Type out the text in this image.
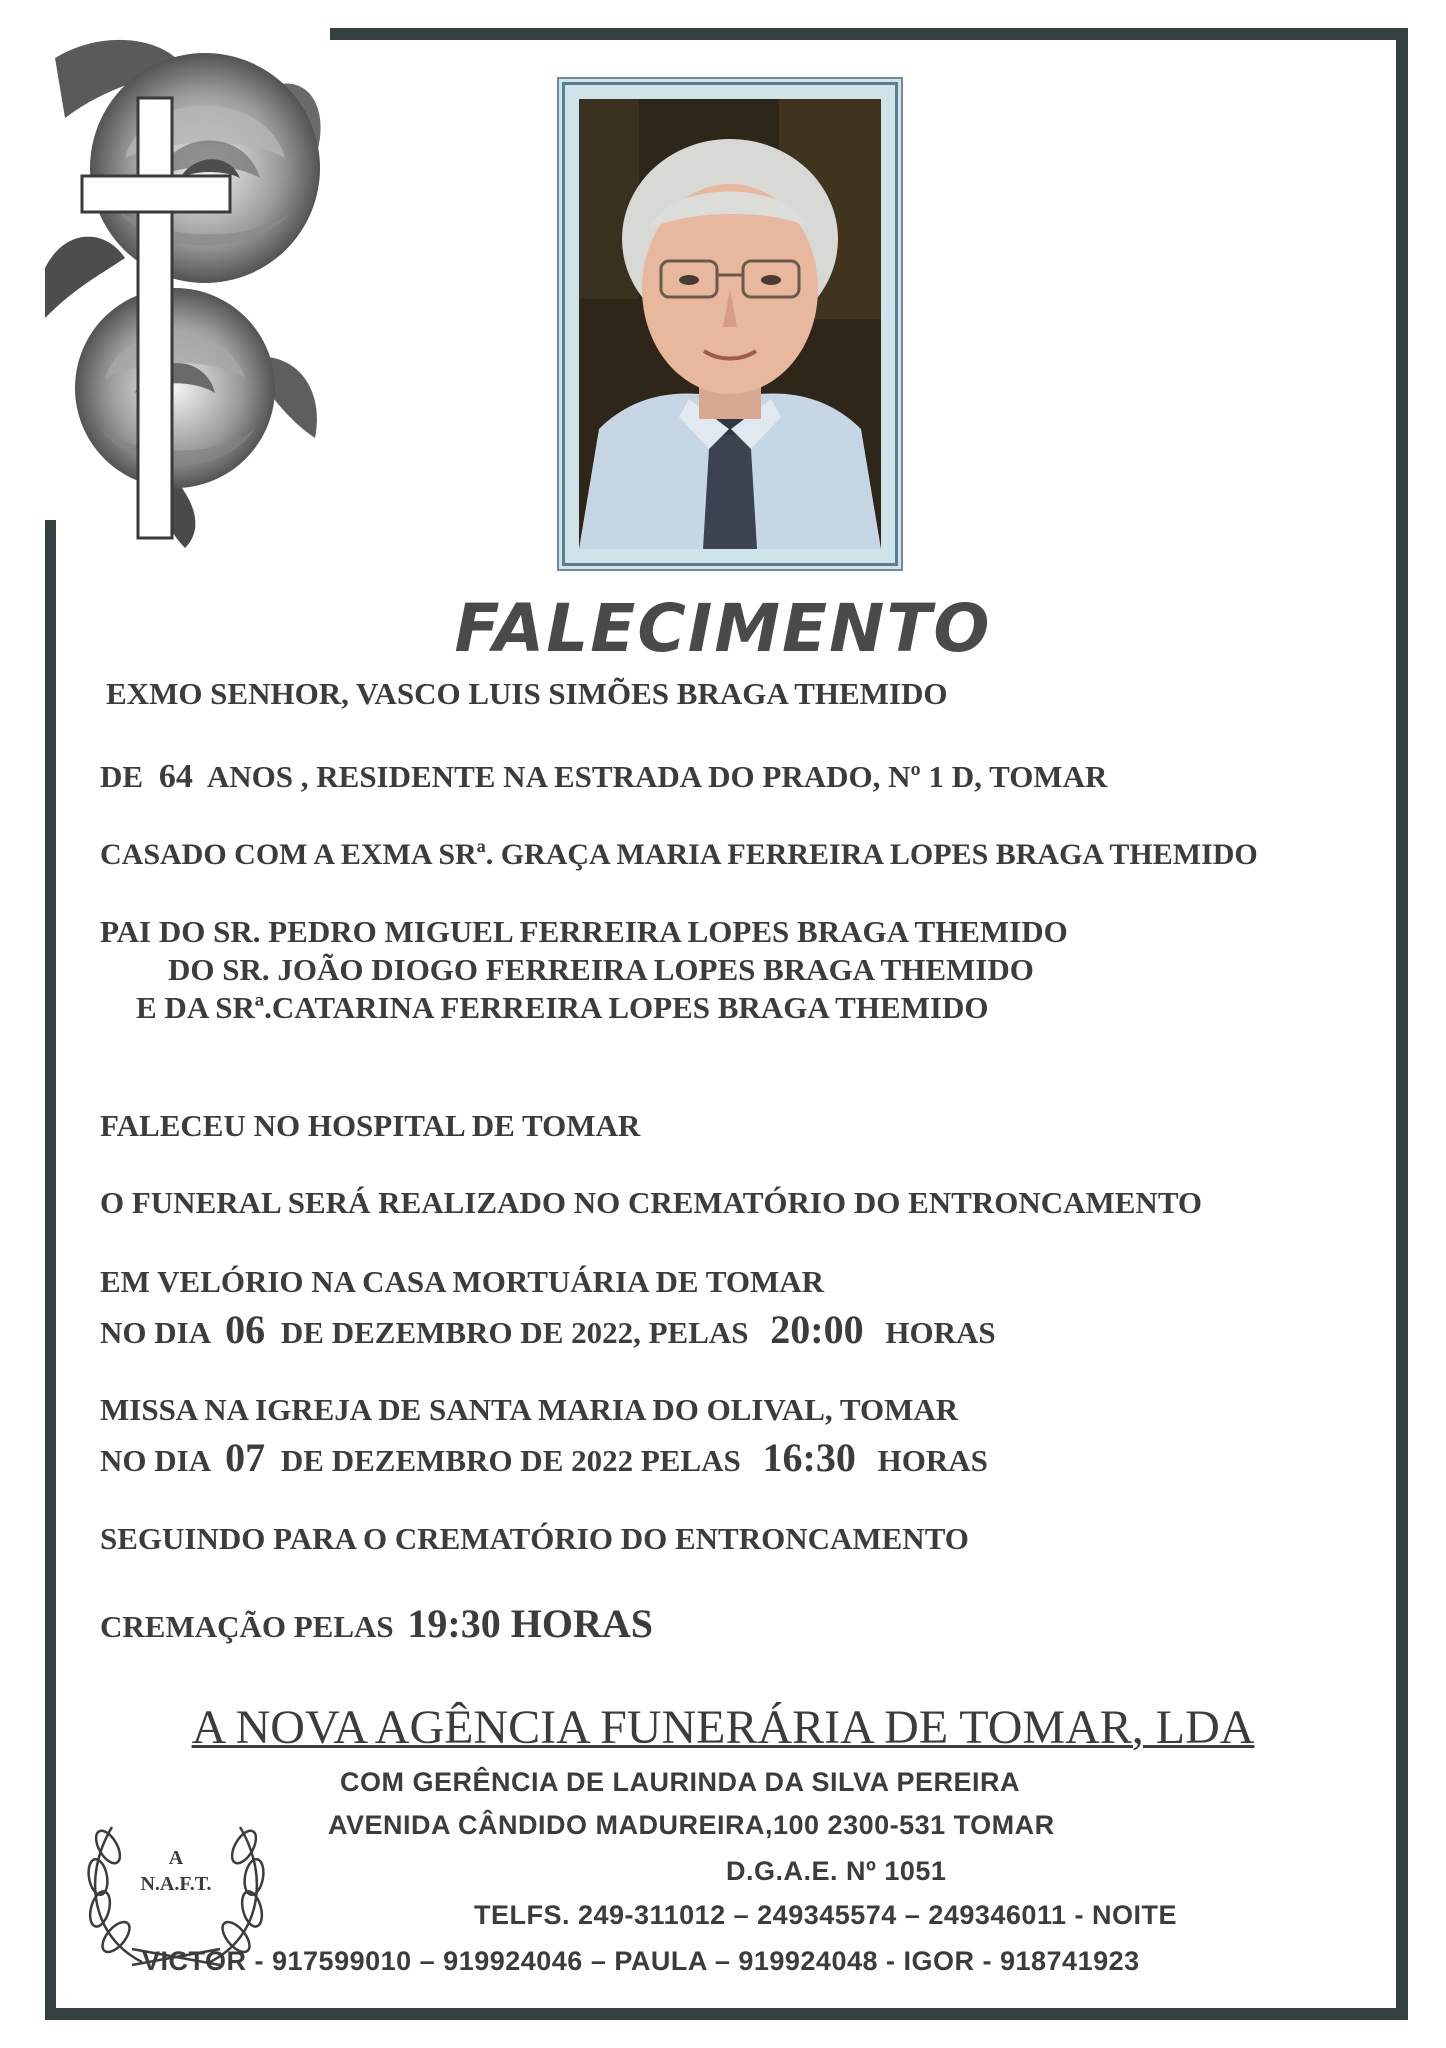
FALECIMENTO
EXMO SENHOR, VASCO LUIS SIMÕES BRAGA THEMIDO
DE 64 ANOS , RESIDENTE NA ESTRADA DO PRADO, Nº 1 D, TOMAR
CASADO COM A EXMA SRª. GRAÇA MARIA FERREIRA LOPES BRAGA THEMIDO
PAI DO SR. PEDRO MIGUEL FERREIRA LOPES BRAGA THEMIDO
DO SR. JOÃO DIOGO FERREIRA LOPES BRAGA THEMIDO
E DA SRª.CATARINA FERREIRA LOPES BRAGA THEMIDO
FALECEU NO HOSPITAL DE TOMAR
O FUNERAL SERÁ REALIZADO NO CREMATÓRIO DO ENTRONCAMENTO
EM VELÓRIO NA CASA MORTUÁRIA DE TOMAR
NO DIA 06 DE DEZEMBRO DE 2022, PELAS 20:00 HORAS
MISSA NA IGREJA DE SANTA MARIA DO OLIVAL, TOMAR
NO DIA 07 DE DEZEMBRO DE 2022 PELAS 16:30 HORAS
SEGUINDO PARA O CREMATÓRIO DO ENTRONCAMENTO
CREMAÇÃO PELAS 19:30 HORAS
A NOVA AGÊNCIA FUNERÁRIA DE TOMAR, LDA
COM GERÊNCIA DE LAURINDA DA SILVA PEREIRA
AVENIDA CÂNDIDO MADUREIRA,100 2300-531 TOMAR
D.G.A.E. Nº 1051
TELFS. 249-311012 – 249345574 – 249346011 - NOITE
VICTOR - 917599010 – 919924046 – PAULA – 919924048 - IGOR - 918741923
A
N.A.F.T.
